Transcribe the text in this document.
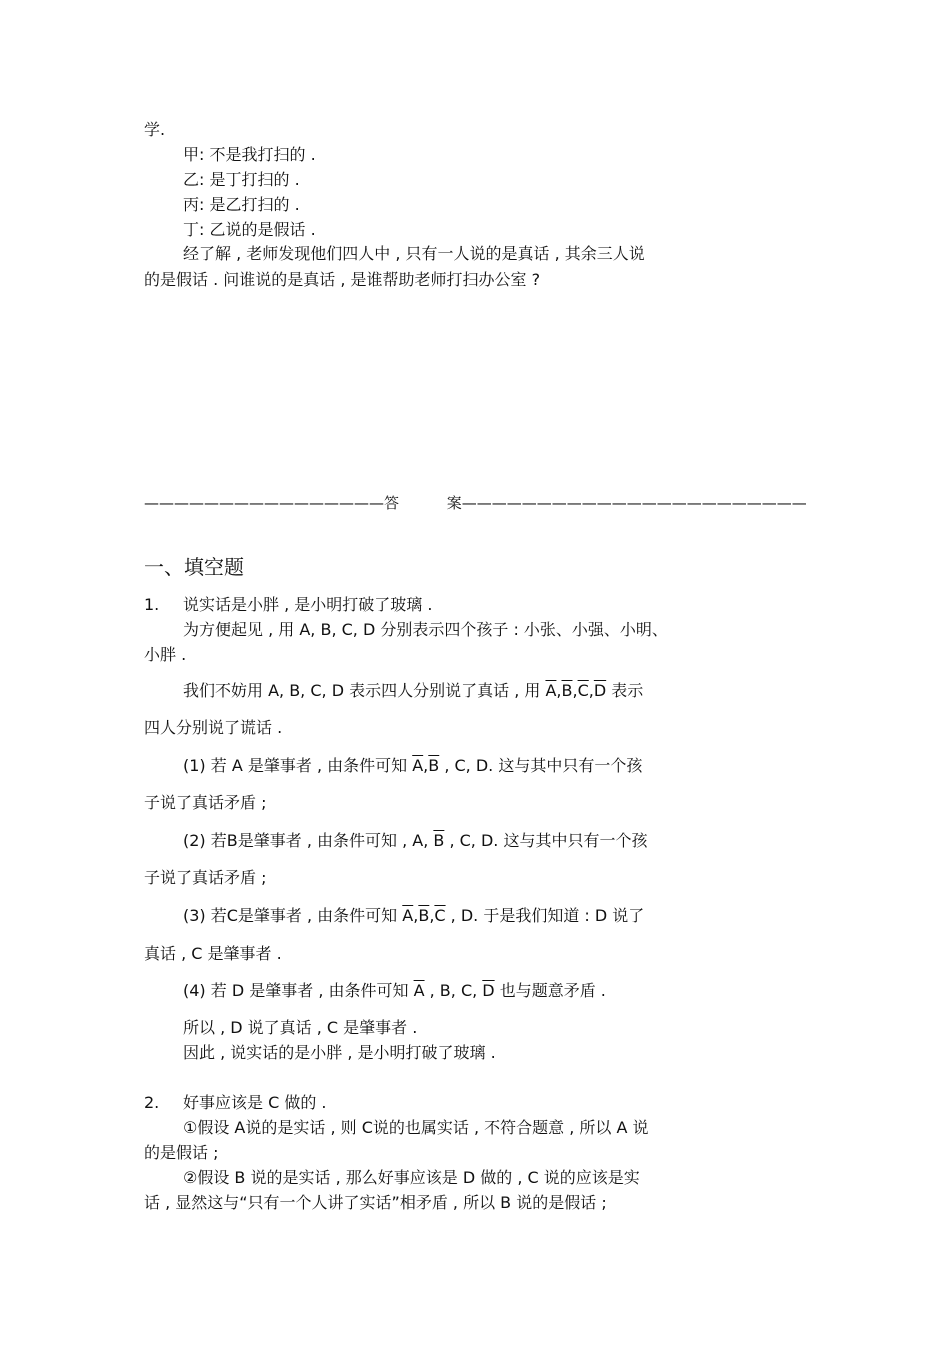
学.
甲: 不是我打扫的 .
乙: 是丁打扫的 .
丙: 是乙打扫的 .
丁: 乙说的是假话 .
经了解 , 老师发现他们四人中 , 只有一人说的是真话 , 其余三人说
的是假话 . 问谁说的是真话 , 是谁帮助老师打扫办公室 ?
————————————————答	案———————————————————————
一、填空题
1. 说实话是小胖 , 是小明打破了玻璃 .
为方便起见 , 用 A, B, C, D 分别表示四个孩子 : 小张、小强、小明、
小胖 .
我们不妨用 A, B, C, D 表示四人分别说了真话 , 用 $\overline{A},\overline{B},\overline{C},\overline{D}$ 表示
四人分别说了谎话 .
(1) 若 A 是肇事者 , 由条件可知 $\overline{A},\overline{B}$ , C, D. 这与其中只有一个孩
子说了真话矛盾 ;
(2) 若B是肇事者 , 由条件可知 , A, $\overline{B}$ , C, D. 这与其中只有一个孩
子说了真话矛盾 ;
(3) 若C是肇事者 , 由条件可知 $\overline{A},\overline{B},\overline{C}$ , D. 于是我们知道 : D 说了
真话 , C 是肇事者 .
(4) 若 D 是肇事者 , 由条件可知 $\overline{A}$ , B, C, $\overline{D}$ 也与题意矛盾 .
所以 , D 说了真话 , C 是肇事者 .
因此 , 说实话的是小胖 , 是小明打破了玻璃 .
2. 好事应该是 C 做的 .
①假设 A说的是实话 , 则 C说的也属实话 , 不符合题意 , 所以 A 说
的是假话 ;
②假设 B 说的是实话 , 那么好事应该是 D 做的 , C 说的应该是实
话 , 显然这与“只有一个人讲了实话”相矛盾 , 所以 B 说的是假话 ;
